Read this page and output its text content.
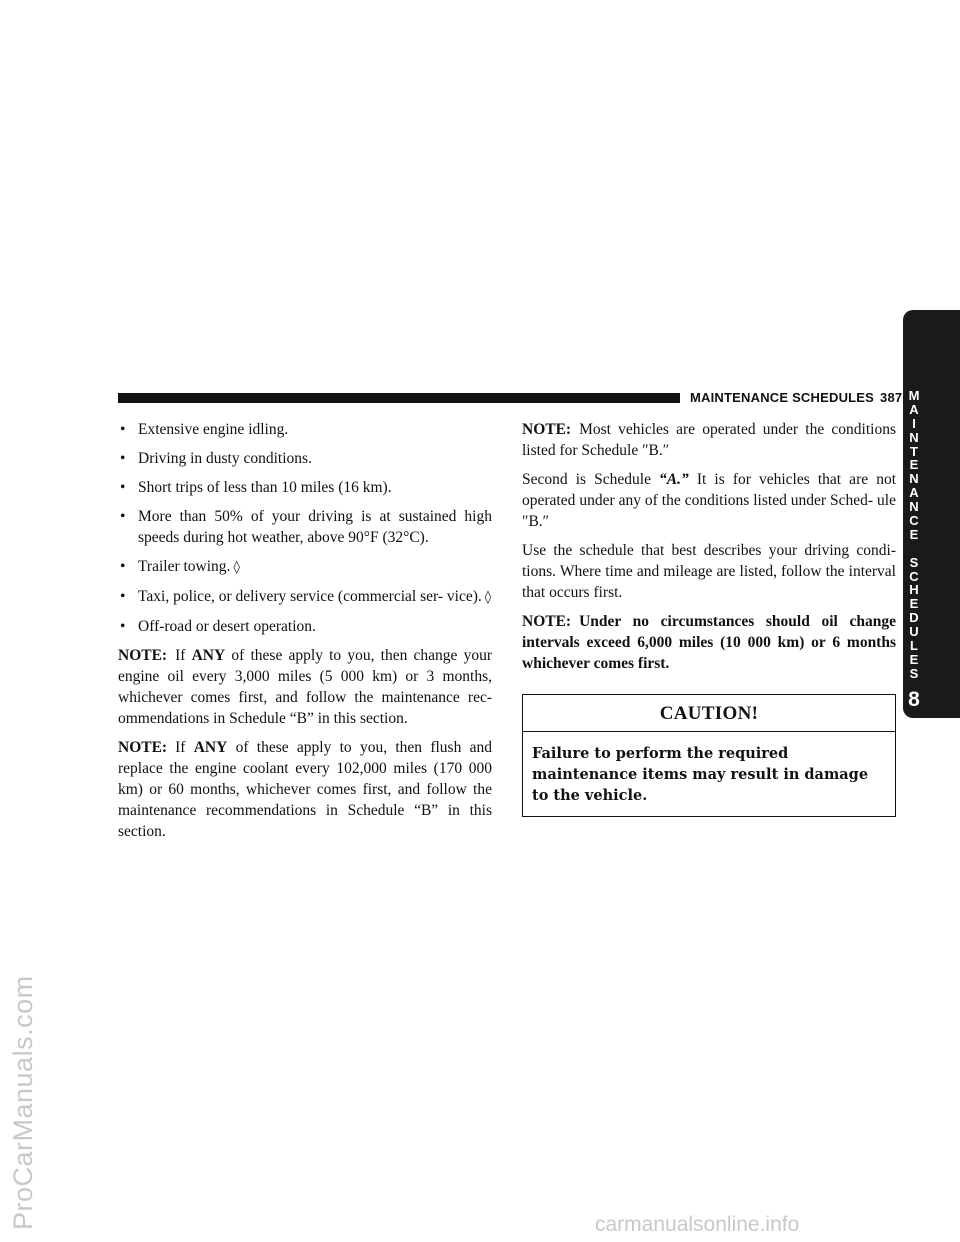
MAINTENANCE SCHEDULES 387 M
A
I
N
T
E
N
A
N
C
E
S
C
H
E
D
U
L
E
S
8
• Extensive engine idling.
• Driving in dusty conditions.
• Short trips of less than 10 miles (16 km).
• More than 50% of your driving is at sustained high speeds during hot weather, above 90°F (32°C).
• Trailer towing. ◊
• Taxi, police, or delivery service (commercial ser- vice). ◊
• Off-road or desert operation.

NOTE: If ANY of these apply to you, then change your engine oil every 3,000 miles (5 000 km) or 3 months, whichever comes first, and follow the maintenance rec- ommendations in Schedule “B” in this section.

NOTE: If ANY of these apply to you, then flush and replace the engine coolant every 102,000 miles (170 000 km) or 60 months, whichever comes first, and follow the maintenance recommendations in Schedule “B” in this section.

NOTE: Most vehicles are operated under the conditions listed for Schedule ″B.″

Second is Schedule “A.” It is for vehicles that are not operated under any of the conditions listed under Sched- ule ″B.″

Use the schedule that best describes your driving condi- tions. Where time and mileage are listed, follow the interval that occurs first.

NOTE: Under no circumstances should oil change intervals exceed 6,000 miles (10 000 km) or 6 months whichever comes first.

CAUTION!
Failure to perform the required maintenance items may result in damage to the vehicle.
ProCarManuals.com	carmanualsonline.info
